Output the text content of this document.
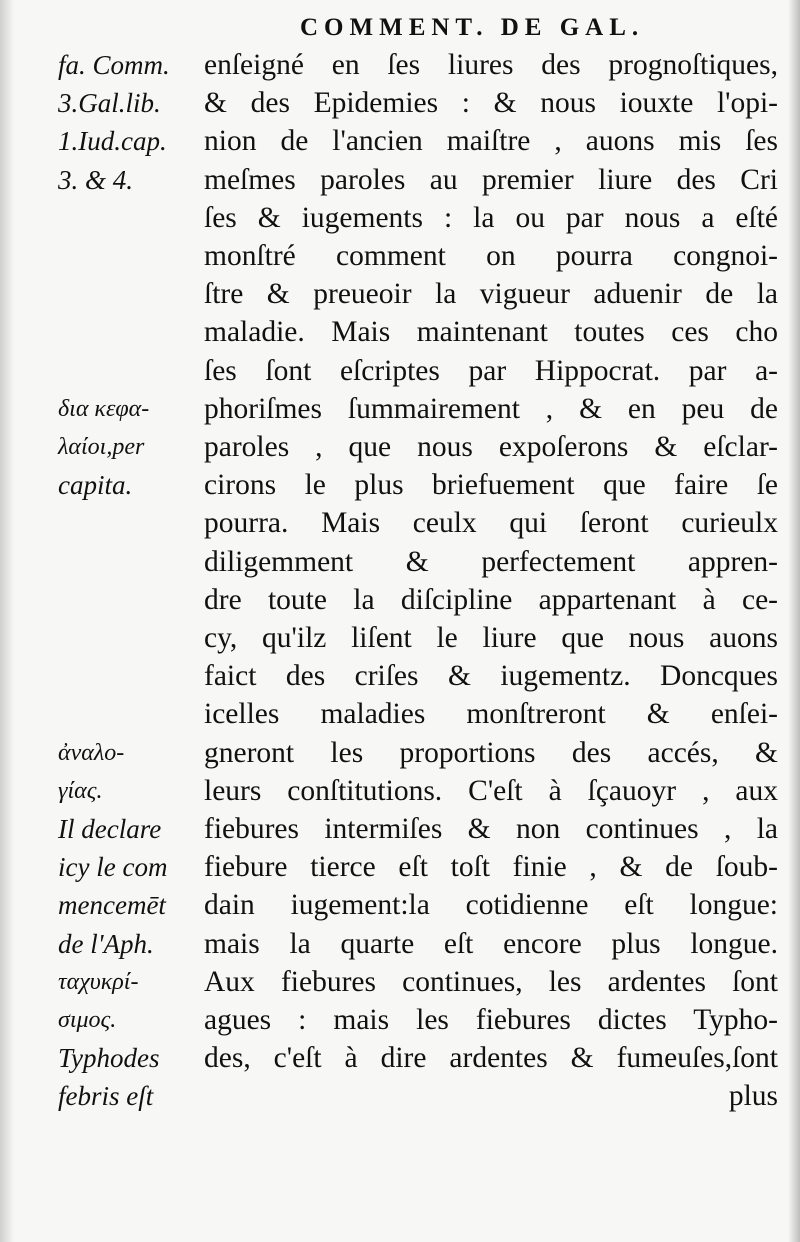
COMMENT. DE GAL.
fa. Comm.
3.Gal.lib.
1.Iud.cap.
3. & 4.
δια κεφα-
λαίοι,per
capita.
ἀναλο-
γίας.
Il declare
icy le com
mencemēt
de l'Aph.
ταχυκρί-
σιμος.
Typhodes
febris eſt
enſeigné en ſes liures des prognoſtiques,
& des Epidemies : & nous iouxte l'opi-
nion de l'ancien maiſtre , auons mis ſes
meſmes paroles au premier liure des Cri
ſes & iugements : la ou par nous a eſté
monſtré comment on pourra congnoi-
ſtre & preueoir la vigueur aduenir de la
maladie. Mais maintenant toutes ces cho
ſes ſont eſcriptes par Hippocrat. par a-
phoriſmes ſummairement , & en peu de
paroles , que nous expoſerons & eſclar-
cirons le plus briefuement que faire ſe
pourra. Mais ceulx qui ſeront curieulx
diligemment & perfectement appren-
dre toute la diſcipline appartenant à ce-
cy, qu'ilz liſent le liure que nous auons
faict des criſes & iugementz. Doncques
icelles maladies monſtreront & enſei-
gneront les proportions des accés, &
leurs conſtitutions. C'eſt à ſçauoyr , aux
fiebures intermiſes & non continues , la
fiebure tierce eſt toſt finie , & de ſoub-
dain iugement:la cotidienne eſt longue:
mais la quarte eſt encore plus longue.
Aux fiebures continues, les ardentes ſont
agues : mais les fiebures dictes Typho-
des, c'eſt à dire ardentes & fumeuſes,ſont
plus
